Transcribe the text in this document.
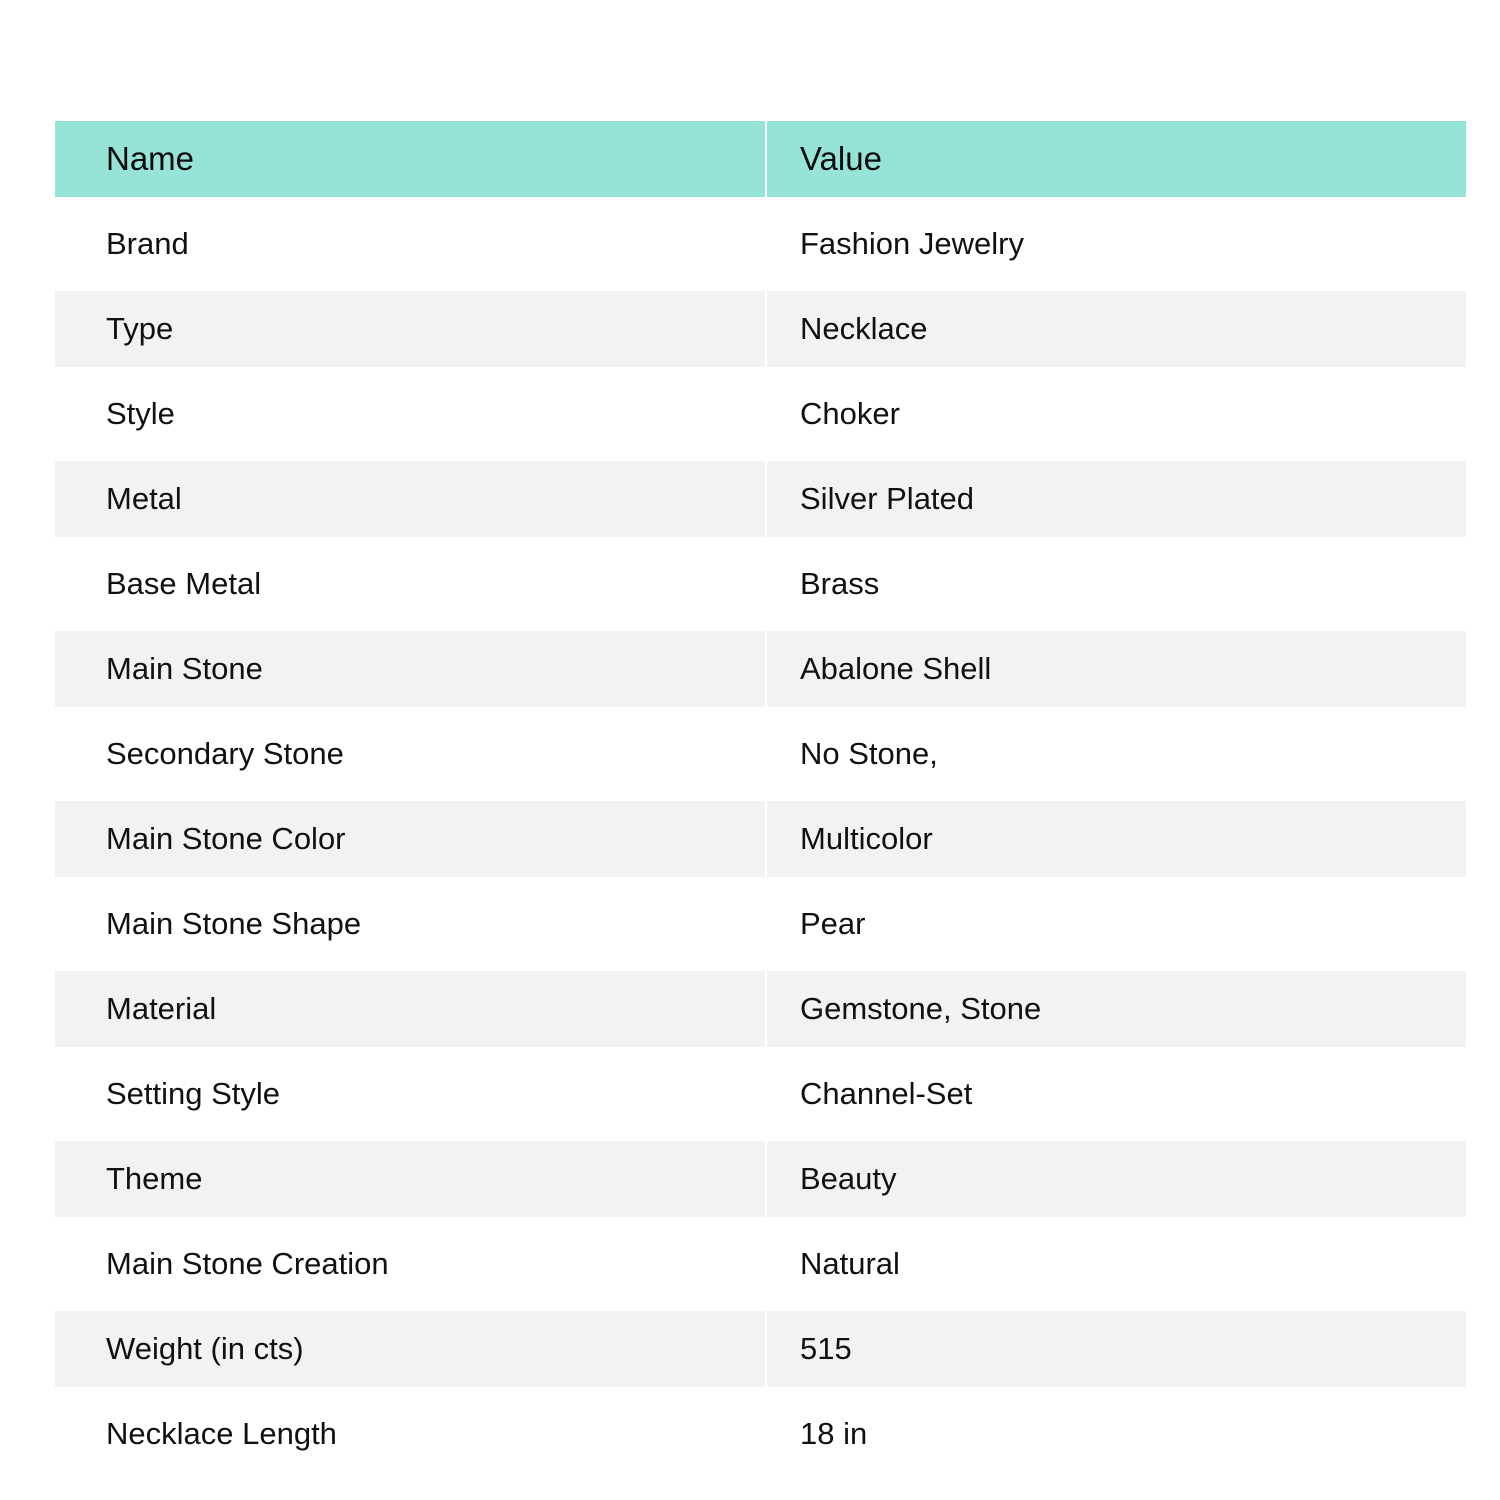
Name	Value
Brand	Fashion Jewelry
Type	Necklace
Style	Choker
Metal	Silver Plated
Base Metal	Brass
Main Stone	Abalone Shell
Secondary Stone	No Stone,
Main Stone Color	Multicolor
Main Stone Shape	Pear
Material	Gemstone, Stone
Setting Style	Channel-Set
Theme	Beauty
Main Stone Creation	Natural
Weight (in cts)	515
Necklace Length	18 in
